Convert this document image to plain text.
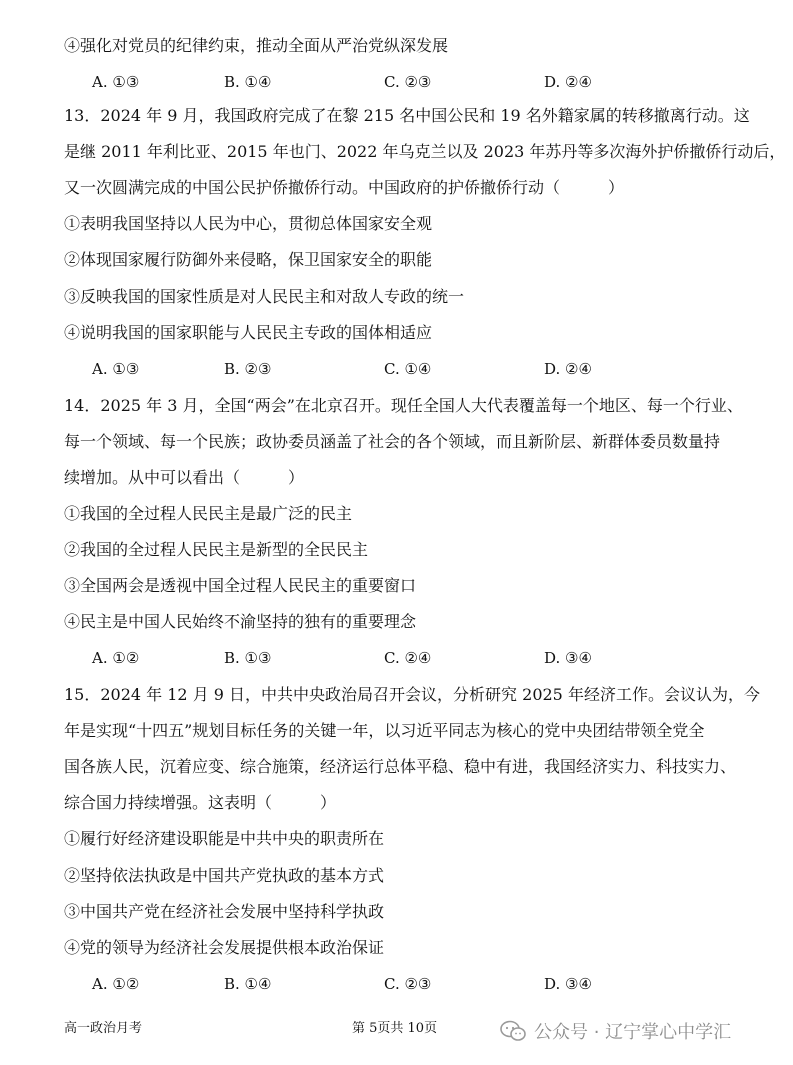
④强化对党员的纪律约束，推动全面从严治党纵深发展
A. ①③	B. ①④	C. ②③	D. ②④
13．2024 年 9 月，我国政府完成了在黎 215 名中国公民和 19 名外籍家属的转移撤离行动。这
是继 2011 年利比亚、2015 年也门、2022 年乌克兰以及 2023 年苏丹等多次海外护侨撤侨行动后，
又一次圆满完成的中国公民护侨撤侨行动。中国政府的护侨撤侨行动（　　　）
①表明我国坚持以人民为中心，贯彻总体国家安全观
②体现国家履行防御外来侵略，保卫国家安全的职能
③反映我国的国家性质是对人民民主和对敌人专政的统一
④说明我国的国家职能与人民民主专政的国体相适应
A. ①③	B. ②③	C. ①④	D. ②④
14．2025 年 3 月，全国“两会”在北京召开。现任全国人大代表覆盖每一个地区、每一个行业、
每一个领域、每一个民族；政协委员涵盖了社会的各个领域，而且新阶层、新群体委员数量持
续增加。从中可以看出（　　　）
①我国的全过程人民民主是最广泛的民主
②我国的全过程人民民主是新型的全民民主
③全国两会是透视中国全过程人民民主的重要窗口
④民主是中国人民始终不渝坚持的独有的重要理念
A. ①②	B. ①③	C. ②④	D. ③④
15．2024 年 12 月 9 日，中共中央政治局召开会议，分析研究 2025 年经济工作。会议认为，今
年是实现“十四五”规划目标任务的关键一年，以习近平同志为核心的党中央团结带领全党全
国各族人民，沉着应变、综合施策，经济运行总体平稳、稳中有进，我国经济实力、科技实力、
综合国力持续增强。这表明（　　　）
①履行好经济建设职能是中共中央的职责所在
②坚持依法执政是中国共产党执政的基本方式
③中国共产党在经济社会发展中坚持科学执政
④党的领导为经济社会发展提供根本政治保证
A. ①②	B. ①④	C. ②③	D. ③④
高一政治月考	第 5页共 10页	公众号 · 辽宁掌心中学汇
